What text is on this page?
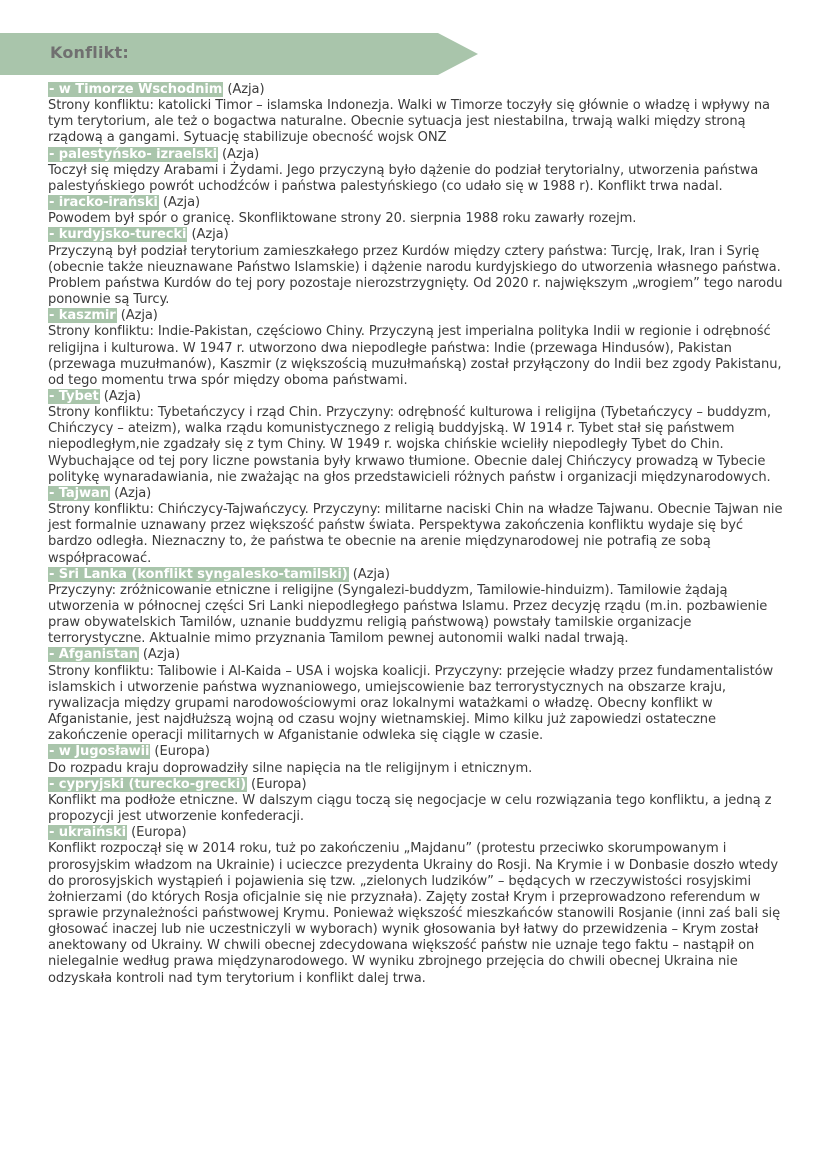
Konflikt:
- w Timorze Wschodnim (Azja)

Strony konfliktu: katolicki Timor – islamska Indonezja. Walki w Timorze toczyły się głównie o władzę i wpływy na tym terytorium, ale też o bogactwa naturalne. Obecnie sytuacja jest niestabilna, trwają walki między stroną rządową a gangami. Sytuację stabilizuje obecność wojsk ONZ

- palestyńsko- izraelski (Azja)

Toczył się między Arabami i Żydami. Jego przyczyną było dążenie do podział terytorialny, utworzenia państwa palestyńskiego powrót uchodźców i państwa palestyńskiego (co udało się w 1988 r). Konflikt trwa nadal.

- iracko-irański (Azja)

Powodem był spór o granicę. Skonfliktowane strony 20. sierpnia 1988 roku zawarły rozejm.

- kurdyjsko-turecki (Azja)

Przyczyną był podział terytorium zamieszkałego przez Kurdów między cztery państwa: Turcję, Irak, Iran i Syrię (obecnie także nieuznawane Państwo Islamskie) i dążenie narodu kurdyjskiego do utworzenia własnego państwa. Problem państwa Kurdów do tej pory pozostaje nierozstrzygnięty. Od 2020 r. największym „wrogiem” tego narodu ponownie są Turcy.

- kaszmir (Azja)

Strony konfliktu: Indie-Pakistan, częściowo Chiny. Przyczyną jest imperialna polityka Indii w regionie i odrębność religijna i kulturowa. W 1947 r. utworzono dwa niepodległe państwa: Indie (przewaga Hindusów), Pakistan (przewaga muzułmanów), Kaszmir (z większością muzułmańską) został przyłączony do Indii bez zgody Pakistanu, od tego momentu trwa spór między oboma państwami.

- Tybet (Azja)

Strony konfliktu: Tybetańczycy i rząd Chin. Przyczyny: odrębność kulturowa i religijna (Tybetańczycy – buddyzm, Chińczycy – ateizm), walka rządu komunistycznego z religią buddyjską. W 1914 r. Tybet stał się państwem niepodległym,nie zgadzały się z tym Chiny. W 1949 r. wojska chińskie wcieliły niepodległy Tybet do Chin. Wybuchające od tej pory liczne powstania były krwawo tłumione. Obecnie dalej Chińczycy prowadzą w Tybecie politykę wynaradawiania, nie zważając na głos przedstawicieli różnych państw i organizacji międzynarodowych.

- Tajwan (Azja)

Strony konfliktu: Chińczycy-Tajwańczycy. Przyczyny: militarne naciski Chin na władze Tajwanu. Obecnie Tajwan nie jest formalnie uznawany przez większość państw świata. Perspektywa zakończenia konfliktu wydaje się być bardzo odległa. Nieznaczny to, że państwa te obecnie na arenie międzynarodowej nie potrafią ze sobą współpracować.

- Sri Lanka (konflikt syngalesko-tamilski) (Azja)

Przyczyny: zróżnicowanie etniczne i religijne (Syngalezi-buddyzm, Tamilowie-hinduizm). Tamilowie żądają utworzenia w północnej części Sri Lanki niepodległego państwa Islamu. Przez decyzję rządu (m.in. pozbawienie praw obywatelskich Tamilów, uznanie buddyzmu religią państwową) powstały tamilskie organizacje terrorystyczne. Aktualnie mimo przyznania Tamilom pewnej autonomii walki nadal trwają.

- Afganistan (Azja)

Strony konfliktu: Talibowie i Al-Kaida – USA i wojska koalicji. Przyczyny: przejęcie władzy przez fundamentalistów islamskich i utworzenie państwa wyznaniowego, umiejscowienie baz terrorystycznych na obszarze kraju, rywalizacja między grupami narodowościowymi oraz lokalnymi watażkami o władzę. Obecny konflikt w Afganistanie, jest najdłuższą wojną od czasu wojny wietnamskiej. Mimo kilku już zapowiedzi ostateczne zakończenie operacji militarnych w Afganistanie odwleka się ciągle w czasie.

- w Jugosławii (Europa)

Do rozpadu kraju doprowadziły silne napięcia na tle religijnym i etnicznym.

- cypryjski (turecko-grecki) (Europa)

Konflikt ma podłoże etniczne. W dalszym ciągu toczą się negocjacje w celu rozwiązania tego konfliktu, a jedną z propozycji jest utworzenie konfederacji.

- ukraiński (Europa)

Konflikt rozpoczął się w 2014 roku, tuż po zakończeniu „Majdanu” (protestu przeciwko skorumpowanym i prorosyjskim władzom na Ukrainie) i ucieczce prezydenta Ukrainy do Rosji. Na Krymie i w Donbasie doszło wtedy do prorosyjskich wystąpień i pojawienia się tzw. „zielonych ludzików” – będących w rzeczywistości rosyjskimi żołnierzami (do których Rosja oficjalnie się nie przyznała). Zajęty został Krym i przeprowadzono referendum w sprawie przynależności państwowej Krymu. Ponieważ większość mieszkańców stanowili Rosjanie (inni zaś bali się głosować inaczej lub nie uczestniczyli w wyborach) wynik głosowania był łatwy do przewidzenia – Krym został anektowany od Ukrainy. W chwili obecnej zdecydowana większość państw nie uznaje tego faktu – nastąpił on nielegalnie według prawa międzynarodowego. W wyniku zbrojnego przejęcia do chwili obecnej Ukraina nie odzyskała kontroli nad tym terytorium i konflikt dalej trwa.
